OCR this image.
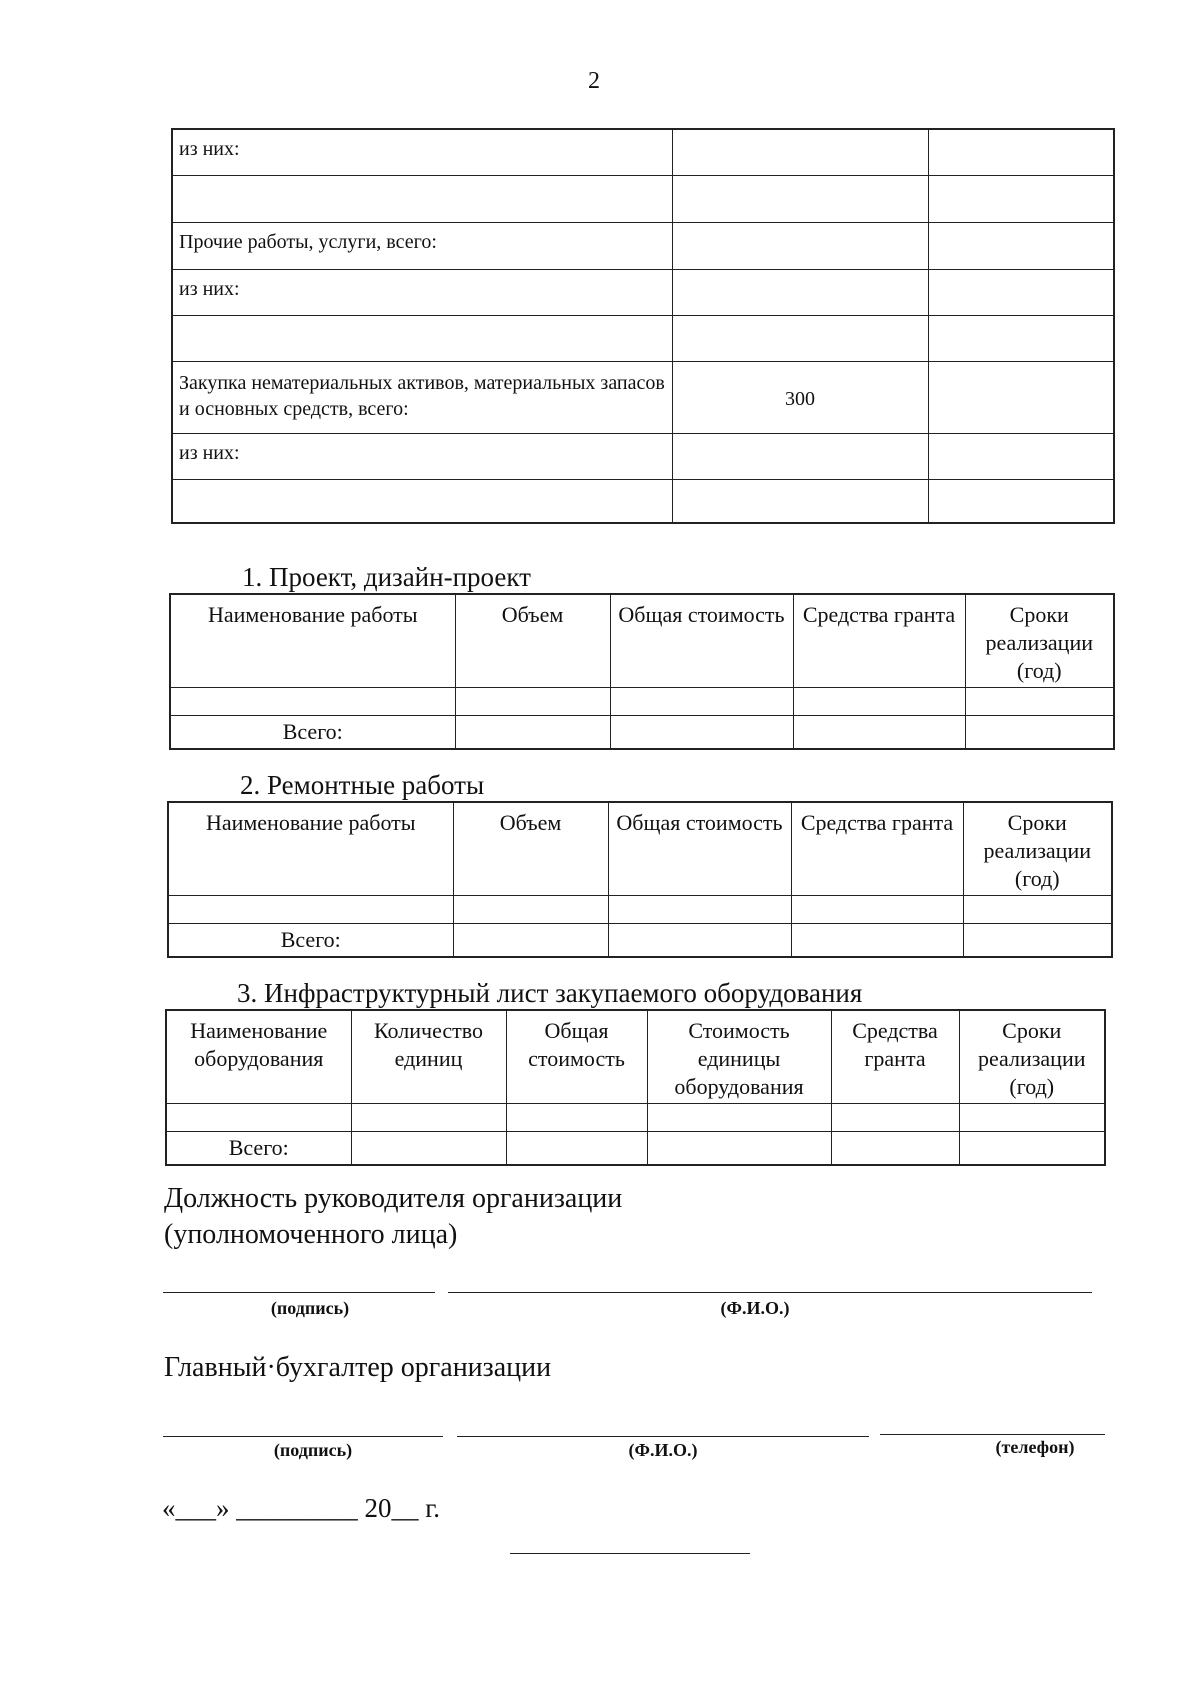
2
из них:		

Прочие работы, услуги, всего:		
из них:		

Закупка нематериальных активов, материальных запасов и основных средств, всего:	300	
из них:		

1. Проект, дизайн-проект
Наименование работы	Объем	Общая стоимость	Средства гранта	Сроки реализации (год)

Всего:				
2. Ремонтные работы
Наименование работы	Объем	Общая стоимость	Средства гранта	Сроки реализации (год)

Всего:				
3. Инфраструктурный лист закупаемого оборудования
Наименование оборудования	Количество единиц	Общая стоимость	Стоимость единицы оборудования	Средства гранта	Сроки реализации (год)

Всего:					
Должность руководителя организации
(уполномоченного лица)
(подпись)	(Ф.И.О.)
Главный·бухгалтер организации
(подпись)	(Ф.И.О.)	(телефон)
«___» _________ 20__ г.
